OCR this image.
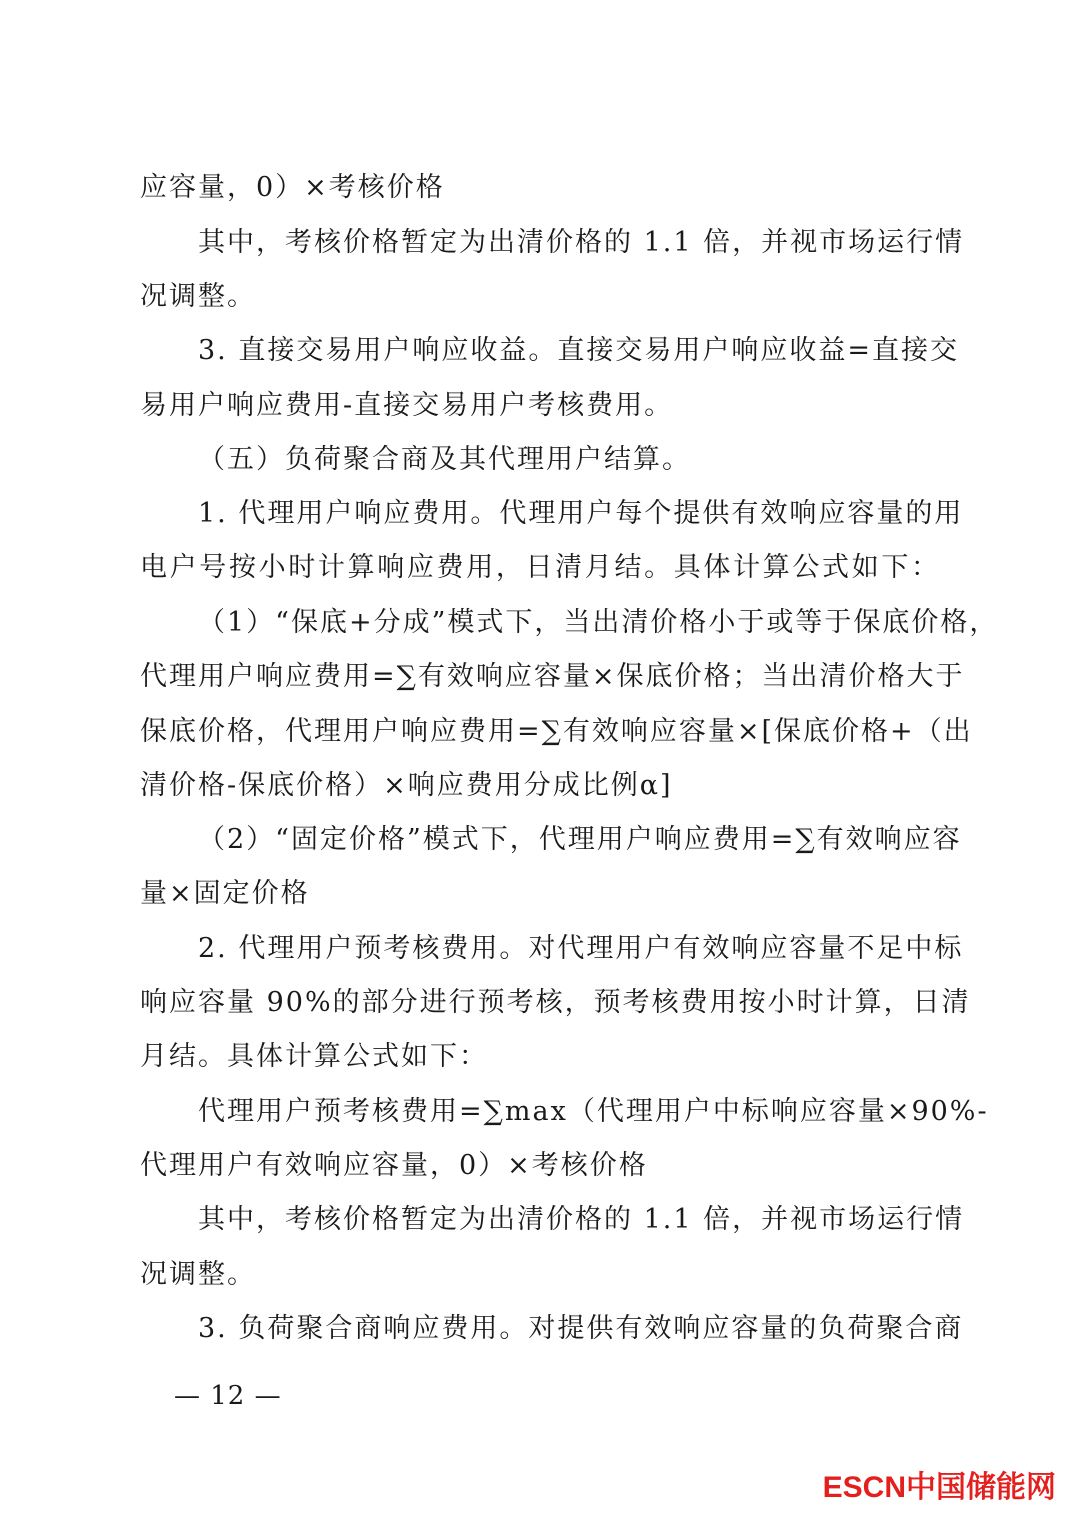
应容量，0）×考核价格
其中，考核价格暂定为出清价格的 1.1 倍，并视市场运行情
况调整。
3. 直接交易用户响应收益。直接交易用户响应收益=直接交
易用户响应费用-直接交易用户考核费用。
（五）负荷聚合商及其代理用户结算。
1. 代理用户响应费用。代理用户每个提供有效响应容量的用
电户号按小时计算响应费用，日清月结。具体计算公式如下：
（1）“保底+分成”模式下，当出清价格小于或等于保底价格，
代理用户响应费用=∑有效响应容量×保底价格；当出清价格大于
保底价格，代理用户响应费用=∑有效响应容量×[保底价格+（出
清价格-保底价格）×响应费用分成比例α]
（2）“固定价格”模式下，代理用户响应费用=∑有效响应容
量×固定价格
2. 代理用户预考核费用。对代理用户有效响应容量不足中标
响应容量 90%的部分进行预考核，预考核费用按小时计算，日清
月结。具体计算公式如下：
代理用户预考核费用=∑max（代理用户中标响应容量×90%-
代理用户有效响应容量，0）×考核价格
其中，考核价格暂定为出清价格的 1.1 倍，并视市场运行情
况调整。
3. 负荷聚合商响应费用。对提供有效响应容量的负荷聚合商
— 12 —
ESCN中国储能网
